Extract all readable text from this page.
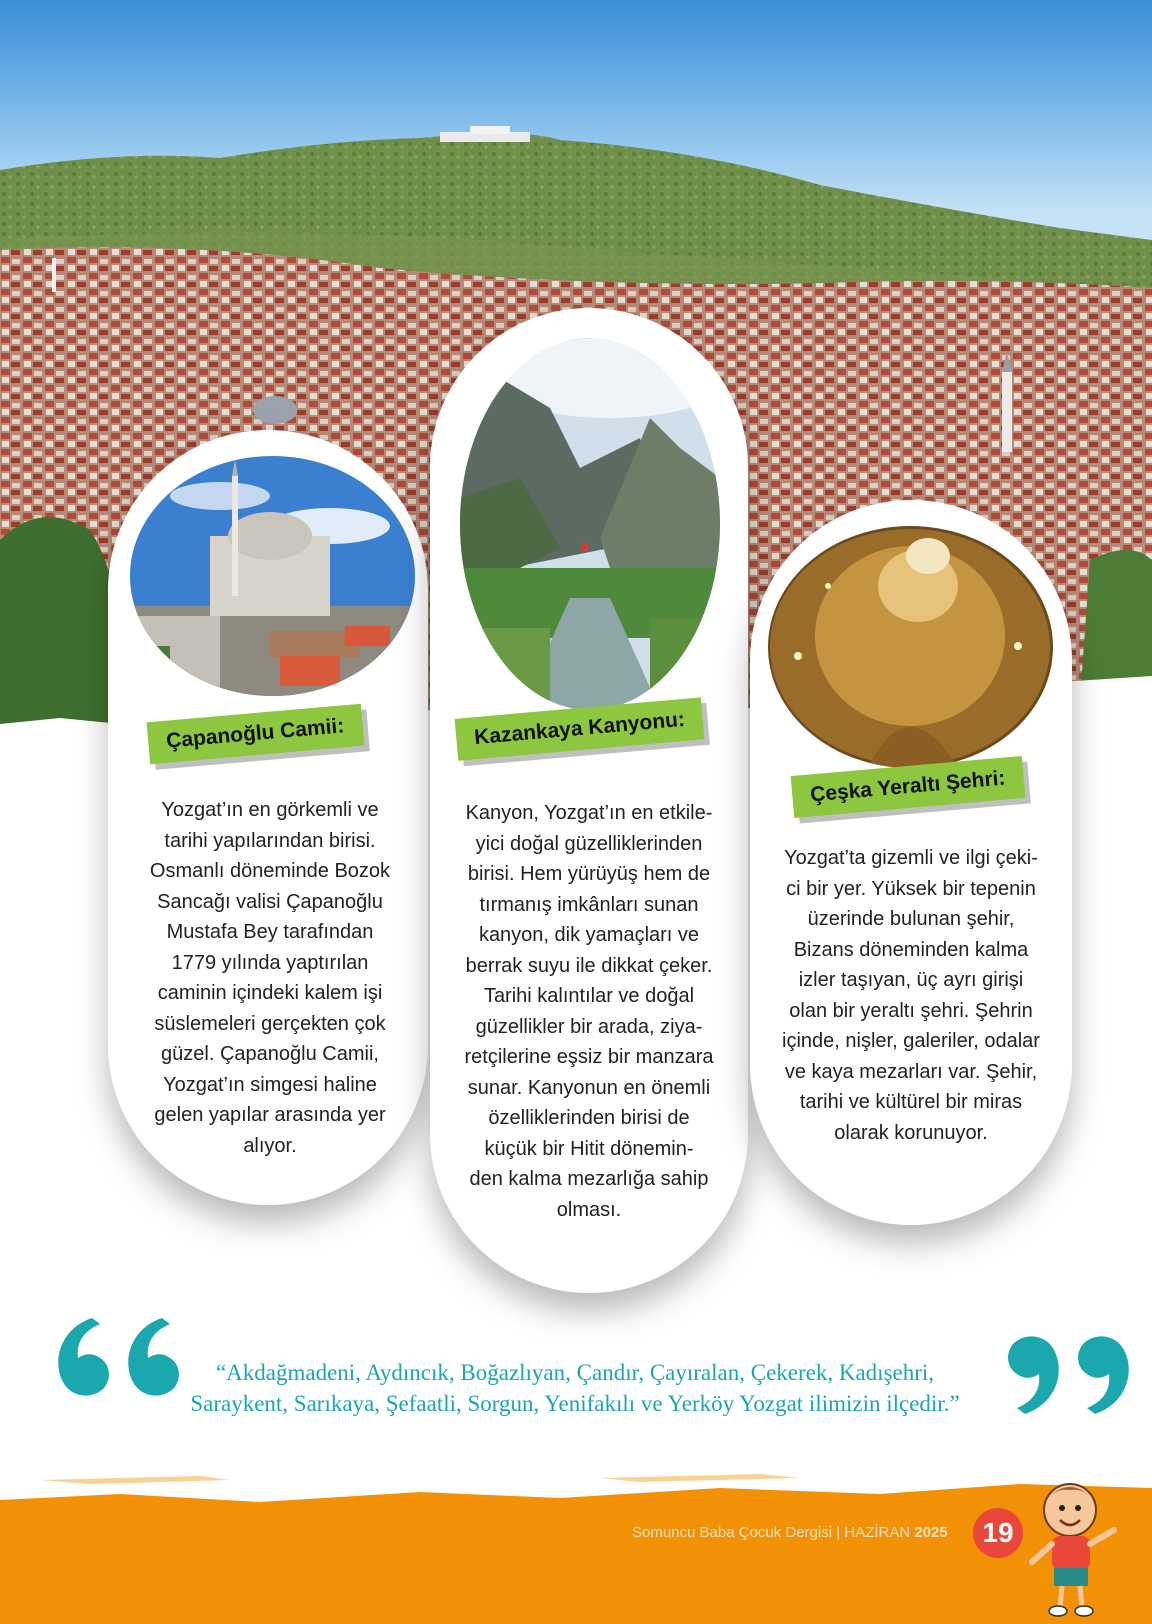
Çapanoğlu Camii:
Yozgat’ın en görkemli ve
tarihi yapılarından birisi.
Osmanlı döneminde Bozok
Sancağı valisi Çapanoğlu
Mustafa Bey tarafından
1779 yılında yaptırılan
caminin içindeki kalem işi
süslemeleri gerçekten çok
güzel. Çapanoğlu Camii,
Yozgat’ın simgesi haline
gelen yapılar arasında yer
alıyor.
Kazankaya Kanyonu:
Kanyon, Yozgat’ın en etkile-
yici doğal güzelliklerinden
birisi. Hem yürüyüş hem de
tırmanış imkânları sunan
kanyon, dik yamaçları ve
berrak suyu ile dikkat çeker.
Tarihi kalıntılar ve doğal
güzellikler bir arada, ziya-
retçilerine eşsiz bir manzara
sunar. Kanyonun en önemli
özelliklerinden birisi de
küçük bir Hitit dönemin-
den kalma mezarlığa sahip
olması.
Çeşka Yeraltı Şehri:
Yozgat’ta gizemli ve ilgi çeki-
ci bir yer. Yüksek bir tepenin
üzerinde bulunan şehir,
Bizans döneminden kalma
izler taşıyan, üç ayrı girişi
olan bir yeraltı şehri. Şehrin
içinde, nişler, galeriler, odalar
ve kaya mezarları var. Şehir,
tarihi ve kültürel bir miras
olarak korunuyor.
“Akdağmadeni, Aydıncık, Boğazlıyan, Çandır, Çayıralan, Çekerek, Kadışehri, Saraykent, Sarıkaya, Şefaatli, Sorgun, Yenifakılı ve Yerköy Yozgat ilimizin ilçedir.”
Somuncu Baba Çocuk Dergisi | HAZİRAN 2025	19
